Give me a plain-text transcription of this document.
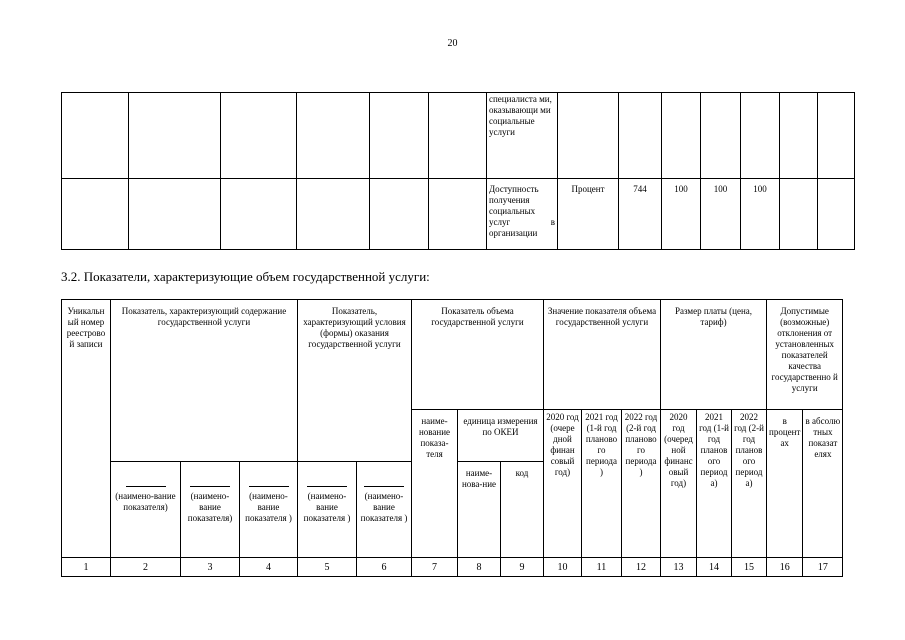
20

						специалиста ми, оказывающи ми социальные услуги							

						Доступность получения социальных услуг в организации	Процент	744	100	100	100		

3.2. Показатели, характеризующие объем государственной услуги:
Уникальн ый номер реестрово й записи	Показатель, характеризующий содержание государственной услуги			Показатель, характеризующий условия (формы) оказания государственной услуги		Показатель объема государственной услуги			Значение показателя объема государственной услуги			Размер платы (цена, тариф)			Допустимые (возможные) отклонения от установленных показателей качества государственно й услуги	

						наиме-нование показа-теля	единица измерения по ОКЕИ		2020 год (очере дной финан совый год)	2021 год (1-й год планово го периода )	2022 год (2-й год планово го периода )	2020 год (очеред ной финанс овый год)	2021 год (1-й год планов ого период а)	2022 год (2-й год планов ого период а)	в процент ах	в абсолю тных показат елях

(наимено-вание показателя)	(наимено-вание показателя)	(наимено-вание показателя )	(наимено-вание показателя )	(наимено-вание показателя )		наиме-нова-ние	код								

1	2	3	4	5	6	7	8	9	10	11	12	13	14	15	16	17
